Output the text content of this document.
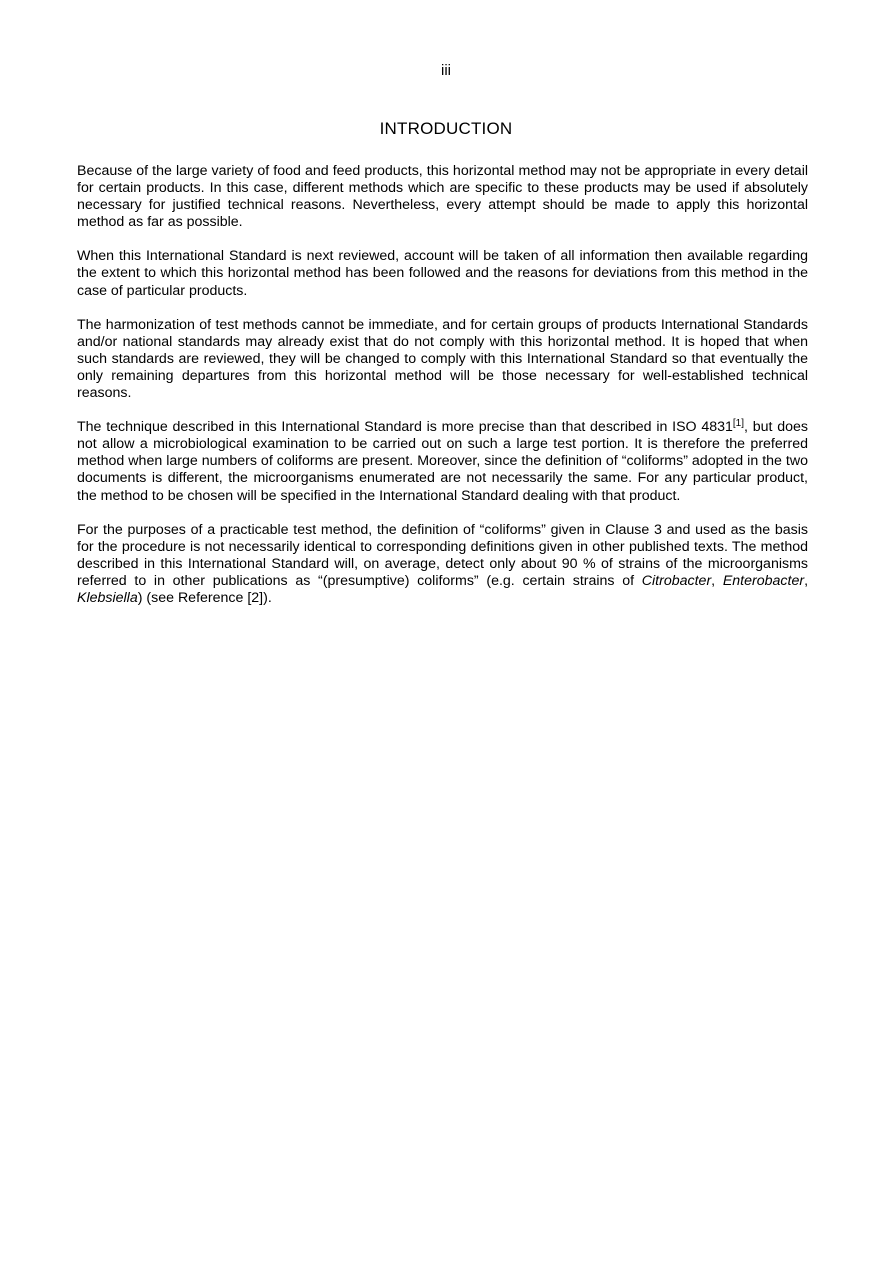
iii
INTRODUCTION

Because of the large variety of food and feed products, this horizontal method may not be appropriate in every detail for certain products. In this case, different methods which are specific to these products may be used if absolutely necessary for justified technical reasons. Nevertheless, every attempt should be made to apply this horizontal method as far as possible.

When this International Standard is next reviewed, account will be taken of all information then available regarding the extent to which this horizontal method has been followed and the reasons for deviations from this method in the case of particular products.

The harmonization of test methods cannot be immediate, and for certain groups of products International Standards and/or national standards may already exist that do not comply with this horizontal method. It is hoped that when such standards are reviewed, they will be changed to comply with this International Standard so that eventually the only remaining departures from this horizontal method will be those necessary for well-established technical reasons.

The technique described in this International Standard is more precise than that described in ISO 4831[1], but does not allow a microbiological examination to be carried out on such a large test portion. It is therefore the preferred method when large numbers of coliforms are present. Moreover, since the definition of “coliforms” adopted in the two documents is different, the microorganisms enumerated are not necessarily the same. For any particular product, the method to be chosen will be specified in the International Standard dealing with that product.

For the purposes of a practicable test method, the definition of “coliforms” given in Clause 3 and used as the basis for the procedure is not necessarily identical to corresponding definitions given in other published texts. The method described in this International Standard will, on average, detect only about 90 % of strains of the microorganisms referred to in other publications as “(presumptive) coliforms” (e.g. certain strains of Citrobacter, Enterobacter, Klebsiella) (see Reference [2]).
